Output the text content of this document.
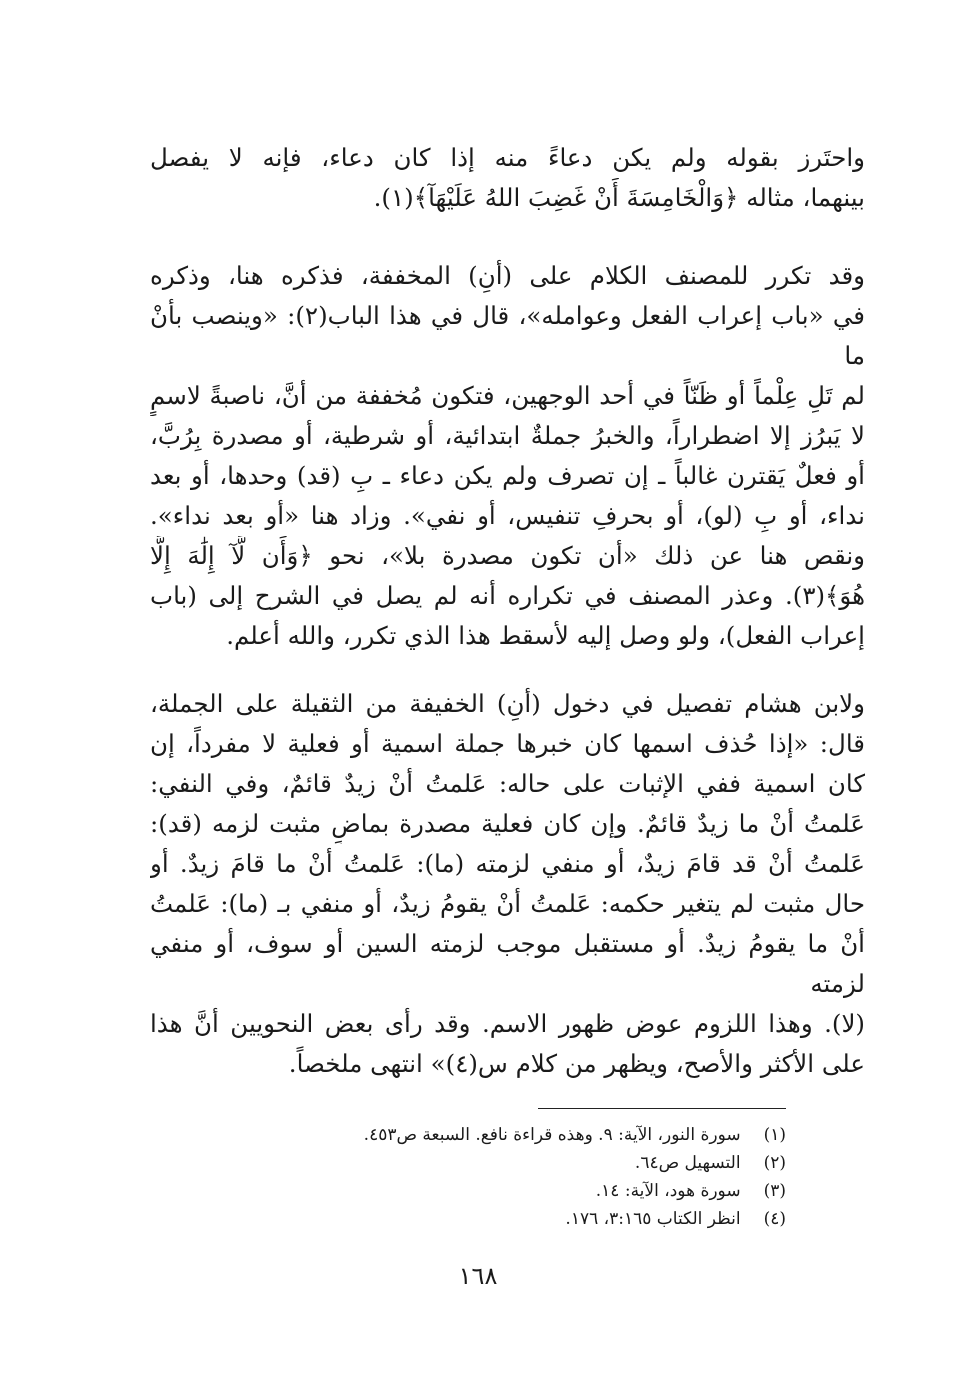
واحتَرز بقوله ولم يكن دعاءً منه إذا كان دعاء، فإنه لا يفصل
بينهما، مثاله ﴿وَالْخَامِسَةَ أَنْ غَضِبَ اللهُ عَلَيْهَآ﴾(١).

وقد تكرر للمصنف الكلام على (أنِ) المخففة، فذكره هنا، وذكره
في «باب إعراب الفعل وعوامله»، قال في هذا الباب(٢): «وينصب بأنْ ما
لم تَلِ عِلْماً أو ظَنّاً في أحد الوجهين، فتكون مُخففة من أنَّ، ناصبةً لاسمٍ
لا يَبرُز إلا اضطراراً، والخبرُ جملةٌ ابتدائية، أو شرطية، أو مصدرة بِرُبَّ،
أو فعلٌ يَقترن غالباً ـ إن تصرف ولم يكن دعاء ـ بِ (قد) وحدها، أو بعد
نداء، أو بِ (لو)، أو بحرفِ تنفيس، أو نفي». وزاد هنا «أو بعد نداء».
ونقص هنا عن ذلك «أن تكون مصدرة بلا»، نحو ﴿وَأَن لَّآ إِلَٰهَ إِلَّا
هُوَ﴾(٣). وعذر المصنف في تكراره أنه لم يصل في الشرح إلى (باب
إعراب الفعل)، ولو وصل إليه لأسقط هذا الذي تكرر، والله أعلم.

ولابن هشام تفصيل في دخول (أنِ) الخفيفة من الثقيلة على الجملة،
قال: «إذا حُذف اسمها كان خبرها جملة اسمية أو فعلية لا مفرداً، إن
كان اسمية ففي الإثبات على حاله: عَلمتُ أنْ زيدٌ قائمٌ، وفي النفي:
عَلمتُ أنْ ما زيدٌ قائمٌ. وإن كان فعلية مصدرة بماضٍ مثبت لزمه (قد):
عَلمتُ أنْ قد قامَ زيدٌ، أو منفي لزمته (ما): عَلمتُ أنْ ما قامَ زيدٌ. أو
حال مثبت لم يتغير حكمه: عَلمتُ أنْ يقومُ زيدٌ، أو منفي بـ (ما): عَلمتُ
أنْ ما يقومُ زيدٌ. أو مستقبل موجب لزمته السين أو سوف، أو منفي لزمته
(لا). وهذا اللزوم عوض ظهور الاسم. وقد رأى بعض النحويين أنَّ هذا
على الأكثر والأصح، ويظهر من كلام س(٤)» انتهى ملخصاً.

(١) سورة النور، الآية: ٩. وهذه قراءة نافع. السبعة ص٤٥٣.
(٢) التسهيل ص٦٤.
(٣) سورة هود، الآية: ١٤.
(٤) انظر الكتاب ٣:١٦٥، ١٧٦.
١٦٨
